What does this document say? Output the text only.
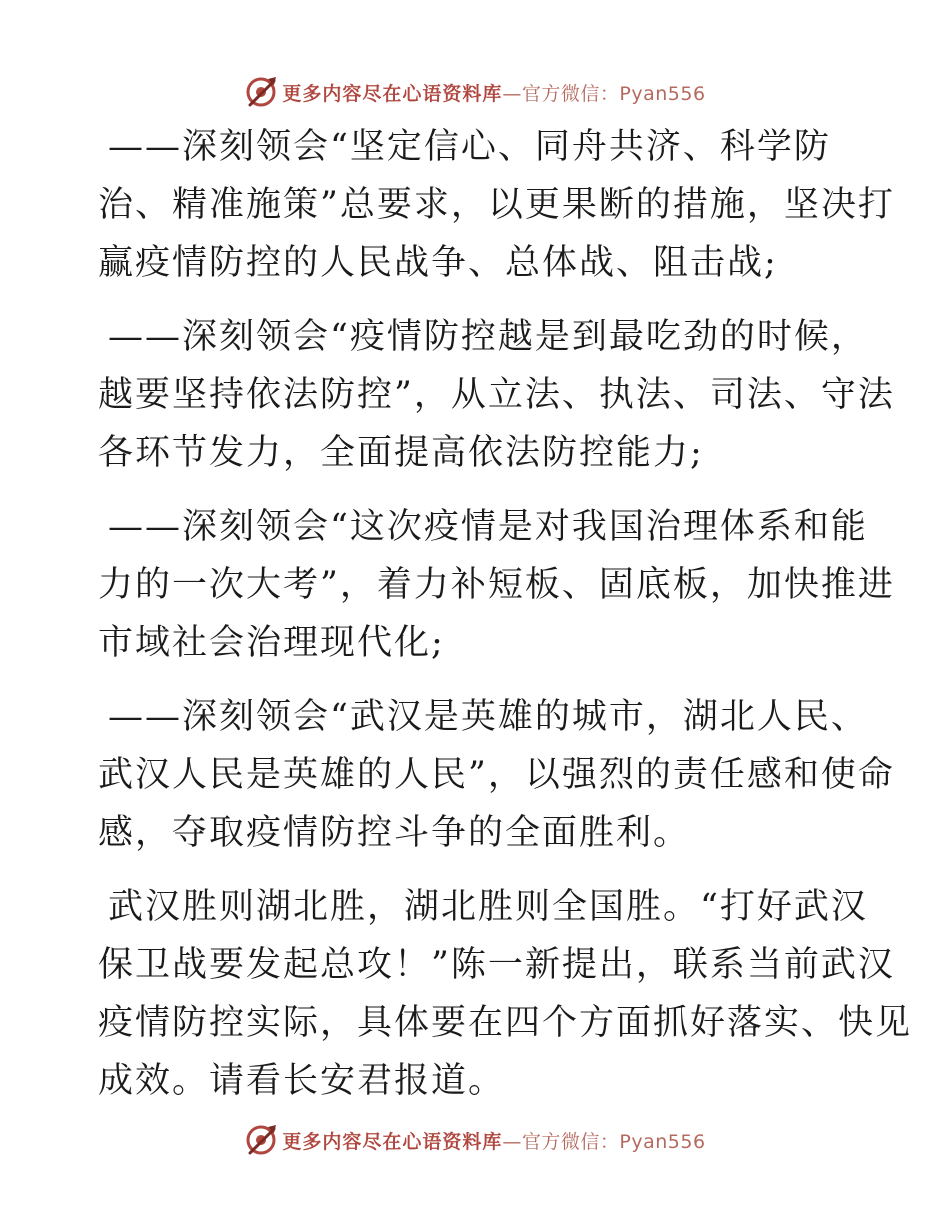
更多内容尽在心语资料库 —官方微信：Pyan556

——深刻领会“坚定信心、同舟共济、科学防
治、精准施策”总要求，以更果断的措施，坚决打
赢疫情防控的人民战争、总体战、阻击战;

——深刻领会“疫情防控越是到最吃劲的时候，
越要坚持依法防控”，从立法、执法、司法、守法
各环节发力，全面提高依法防控能力;

——深刻领会“这次疫情是对我国治理体系和能
力的一次大考”，着力补短板、固底板，加快推进
市域社会治理现代化;

——深刻领会“武汉是英雄的城市，湖北人民、
武汉人民是英雄的人民”，以强烈的责任感和使命
感，夺取疫情防控斗争的全面胜利。

武汉胜则湖北胜，湖北胜则全国胜。“打好武汉
保卫战要发起总攻！”陈一新提出，联系当前武汉
疫情防控实际，具体要在四个方面抓好落实、快见
成效。请看长安君报道。

更多内容尽在心语资料库 —官方微信：Pyan556
